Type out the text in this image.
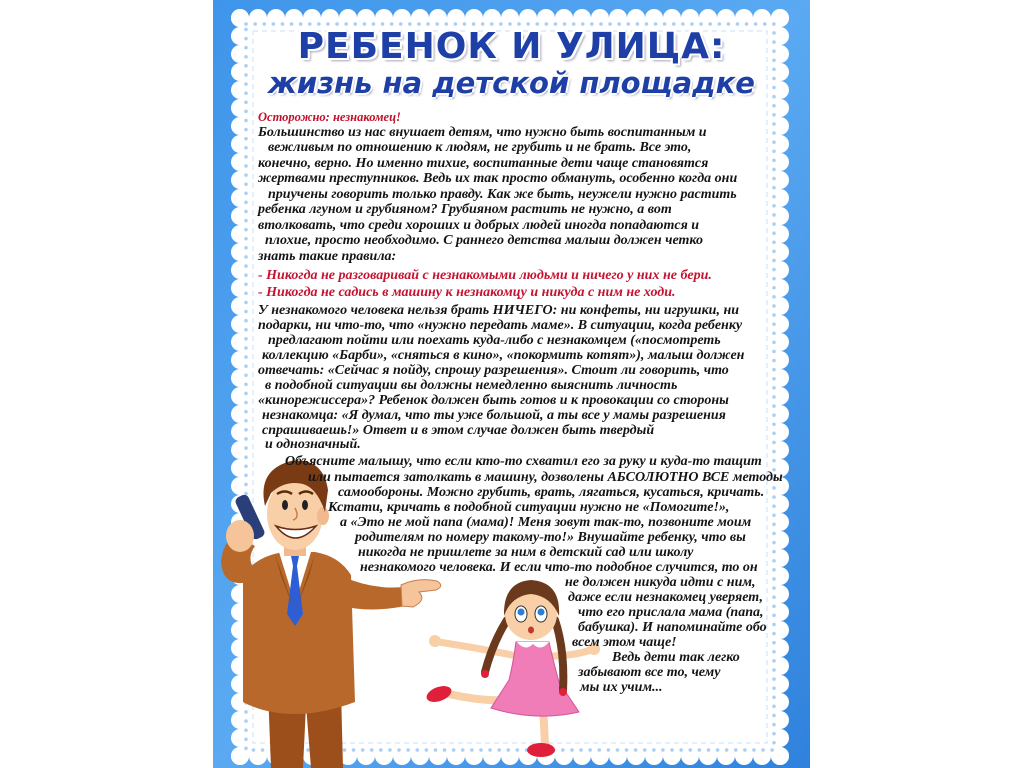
РЕБЕНОК И УЛИЦА:
жизнь на детской площадке
Осторожно: незнакомец!
Большинство из нас внушает детям, что нужно быть воспитанным и
вежливым по отношению к людям, не грубить и не брать. Все это,
конечно, верно. Но именно тихие, воспитанные дети чаще становятся
жертвами преступников. Ведь их так просто обмануть, особенно когда они
приучены говорить только правду. Как же быть, неужели нужно растить
ребенка лгуном и грубияном? Грубияном растить не нужно, а вот
втолковать, что среди хороших и добрых людей иногда попадаются и
плохие, просто необходимо. С раннего детства малыш должен четко
знать такие правила:
- Никогда не разговаривай с незнакомыми людьми и ничего у них не бери.
- Никогда не садись в машину к незнакомцу и никуда с ним не ходи.
У незнакомого человека нельзя брать НИЧЕГО: ни конфеты, ни игрушки, ни
подарки, ни что-то, что «нужно передать маме». В ситуации, когда ребенку
предлагают пойти или поехать куда-либо с незнакомцем («посмотреть
коллекцию «Барби», «сняться в кино», «покормить котят»), малыш должен
отвечать: «Сейчас я пойду, спрошу разрешения». Стоит ли говорить, что
в подобной ситуации вы должны немедленно выяснить личность
«кинорежиссера»? Ребенок должен быть готов и к провокации со стороны
незнакомца: «Я думал, что ты уже большой, а ты все у мамы разрешения
спрашиваешь!» Ответ и в этом случае должен быть твердый
и однозначный.
Объясните малышу, что если кто-то схватил его за руку и куда-то тащит
или пытается затолкать в машину, дозволены АБСОЛЮТНО ВСЕ методы
самообороны. Можно грубить, врать, лягаться, кусаться, кричать.
Кстати, кричать в подобной ситуации нужно не «Помогите!»,
а «Это не мой папа (мама)! Меня зовут так-то, позвоните моим
родителям по номеру такому-то!» Внушайте ребенку, что вы
никогда не пришлете за ним в детский сад или школу
незнакомого человека. И если что-то подобное случится, то он
не должен никуда идти с ним,
даже если незнакомец уверяет,
что его прислала мама (папа,
бабушка). И напоминайте обо
всем этом чаще!
Ведь дети так легко
забывают все то, чему
мы их учим...
